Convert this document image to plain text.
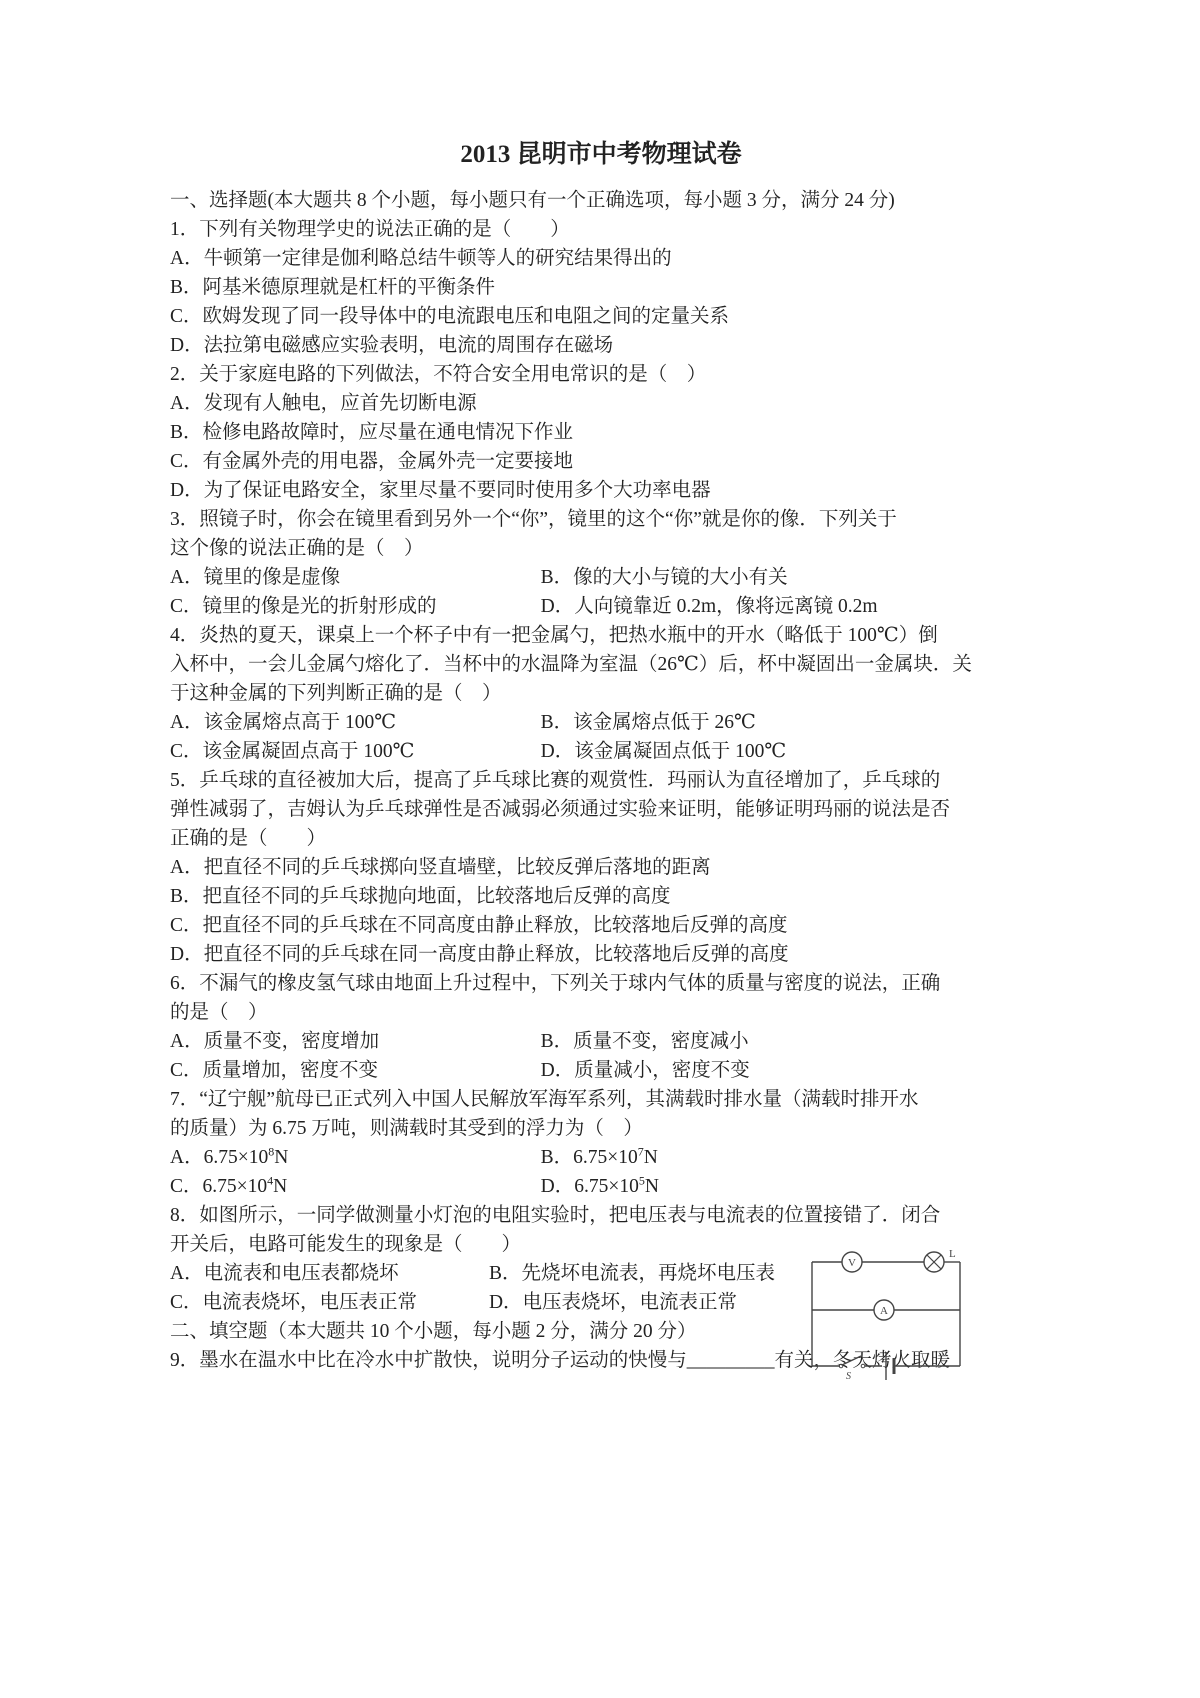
2013 昆明市中考物理试卷

一、选择题(本大题共 8 个小题，每小题只有一个正确选项，每小题 3 分，满分 24 分)

1．下列有关物理学史的说法正确的是（　　）

A．牛顿第一定律是伽利略总结牛顿等人的研究结果得出的

B．阿基米德原理就是杠杆的平衡条件

C．欧姆发现了同一段导体中的电流跟电压和电阻之间的定量关系

D．法拉第电磁感应实验表明，电流的周围存在磁场

2．关于家庭电路的下列做法，不符合安全用电常识的是（　）

A．发现有人触电，应首先切断电源

B．检修电路故障时，应尽量在通电情况下作业

C．有金属外壳的用电器，金属外壳一定要接地

D．为了保证电路安全，家里尽量不要同时使用多个大功率电器

3．照镜子时，你会在镜里看到另外一个“你”，镜里的这个“你”就是你的像．下列关于

这个像的说法正确的是（　）

A．镜里的像是虚像	B．像的大小与镜的大小有关

C．镜里的像是光的折射形成的	D．人向镜靠近 0.2m，像将远离镜 0.2m

4．炎热的夏天，课桌上一个杯子中有一把金属勺，把热水瓶中的开水（略低于 100℃）倒

入杯中，一会儿金属勺熔化了．当杯中的水温降为室温（26℃）后，杯中凝固出一金属块．关

于这种金属的下列判断正确的是（　）

A．该金属熔点高于 100℃	B．该金属熔点低于 26℃

C．该金属凝固点高于 100℃	D．该金属凝固点低于 100℃

5．乒乓球的直径被加大后，提高了乒乓球比赛的观赏性．玛丽认为直径增加了，乒乓球的

弹性减弱了，吉姆认为乒乓球弹性是否减弱必须通过实验来证明，能够证明玛丽的说法是否

正确的是（　　）

A．把直径不同的乒乓球掷向竖直墙壁，比较反弹后落地的距离

B．把直径不同的乒乓球抛向地面，比较落地后反弹的高度

C．把直径不同的乒乓球在不同高度由静止释放，比较落地后反弹的高度

D．把直径不同的乒乓球在同一高度由静止释放，比较落地后反弹的高度

6．不漏气的橡皮氢气球由地面上升过程中，下列关于球内气体的质量与密度的说法，正确

的是（　）

A．质量不变，密度增加	B．质量不变，密度减小

C．质量增加，密度不变	D．质量减小，密度不变

7．“辽宁舰”航母已正式列入中国人民解放军海军系列，其满载时排水量（满载时排开水

的质量）为 6.75 万吨，则满载时其受到的浮力为（　）

A．$6.75\times 10^8N$	B．$6.75\times 10^7N$

C．$6.75\times 10^4N$	D．$6.75\times 10^5N$

8．如图所示，一同学做测量小灯泡的电阻实验时，把电压表与电流表的位置接错了．闭合

开关后，电路可能发生的现象是（　　）

A．电流表和电压表都烧坏	B．先烧坏电流表，再烧坏电压表

C．电流表烧坏，电压表正常	D．电压表烧坏，电流表正常

二、填空题（本大题共 10 个小题，每小题 2 分，满分 20 分）

9．墨水在温水中比在冷水中扩散快，说明分子运动的快慢与_________有关，冬天烤火取暖

V
L
A
S
